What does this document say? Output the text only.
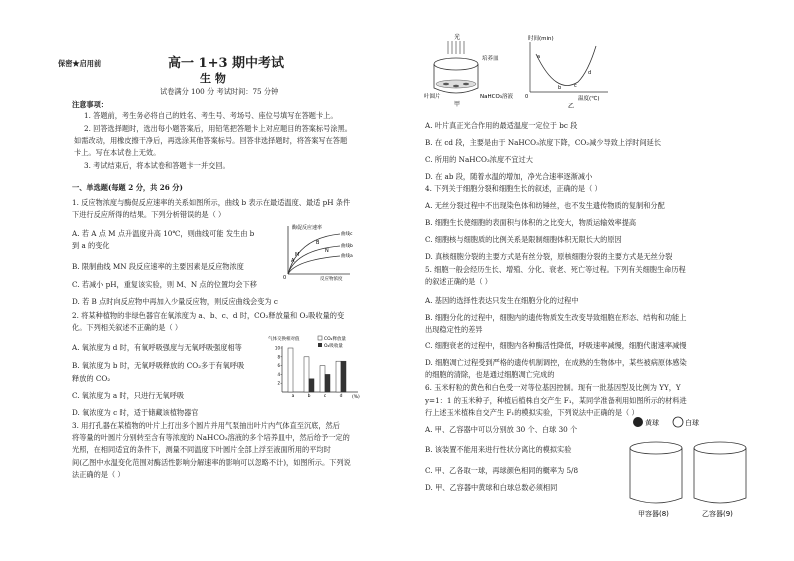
保密★启用前	高一 1+3 期中考试
生 物
试卷满分 100 分 考试时间：75 分钟
注意事项：
1. 答题前，考生务必将自己的姓名、考生号、考场号、座位号填写在答题卡上。
2. 回答选择题时，选出每小题答案后，用铅笔把答题卡上对应题目的答案标号涂黑。
如需改动，用橡皮擦干净后，再选涂其他答案标号。回答非选择题时，将答案写在答题
卡上。写在本试卷上无效。
3. 考试结束后，将本试卷和答题卡一并交回。
一、单选题(每题 2 分，共 26 分)
1. 反应物浓度与酶促反应速率的关系如图所示，曲线 b 表示在最适温度、最适 pH 条件
下进行反应所得的结果。下列分析错误的是（ ）
A. 若 A 点 M 点升温度升高 10℃，则曲线可能 发生由 b
到 a 的变化
B. 限制曲线 MN 段反应速率的主要因素是反应物浓度
C. 若减小 pH，重复该实验，则 M、N 点的位置均会下移
D. 若 B 点时向反应物中再加入少量反应物，则反应曲线会变为 c
2. 将某种植物的非绿色器官在氧浓度为 a、b、c、d 时，CO₂释放量和 O₂吸收量的变
化。下列相关叙述不正确的是（ ）
A. 氧浓度为 d 时，有氧呼吸强度与无氧呼吸强度相等
B. 氧浓度为 b 时，无氧呼吸释放的 CO₂多于有氧呼吸
释放的 CO₂
C. 氧浓度为 a 时，只进行无氧呼吸
D. 氧浓度为 c 时，适于储藏该植物器官
3. 用打孔器在某植物的叶片上打出多个圆片并用气泵抽出叶片内气体直至沉底，然后
将等量的叶圆片分别转至含有等浓度的 NaHCO₃溶液的多个培养皿中，然后给予一定的
光照，在相同适宜的条件下，测量不同温度下叶圆片全部上浮至液面所用的平均时
间(乙图中水温变化范围对酶活性影响分解速率的影响可以忽略不计)，如图所示。下列说
法正确的是（ ）
酶促反应速率
曲线c
曲线b
曲线a
A
B
M
N
0	反应物浓度
气体交换相对值	CO₂释放量
O₂吸收量
10
8
6
4
2
a	b	c	d (%)
光
培养皿
叶圆片	NaHCO₃溶液
甲
时间(min)
a
b	c
d
0	温度(℃)
乙
A. 叶片真正光合作用的最适温度一定位于 bc 段
B. 在 cd 段，主要是由于 NaHCO₃浓度下降，CO₂减少导致上浮时间延长
C. 所用的 NaHCO₃浓度不宜过大
D. 在 ab 段，随着水温的增加，净光合速率逐渐减小
4. 下列关于细胞分裂和细胞生长的叙述，正确的是（ ）
A. 无丝分裂过程中不出现染色体和纺锤丝，也不发生遗传物质的复制和分配
B. 细胞生长使细胞的表面积与体积的之比变大，物质运输效率提高
C. 细胞核与细胞质的比例关系是限制细胞体积无限长大的原因
D. 真核细胞分裂的主要方式是有丝分裂，原核细胞分裂的主要方式是无丝分裂
5. 细胞一般会经历生长、增殖、分化、衰老、死亡等过程。下列有关细胞生命历程
的叙述正确的是（ ）
A. 基因的选择性表达只发生在细胞分化的过程中
B. 细胞分化的过程中，细胞内的遗传物质发生改变导致细胞在形态、结构和功能上
出现稳定性的差异
C. 细胞衰老的过程中，细胞内各种酶活性降低，呼吸速率减慢，细胞代谢速率减慢
D. 细胞凋亡过程受到严格的遗传机制调控，在成熟的生物体中，某些被病原体感染
的细胞的清除，也是通过细胞凋亡完成的
6. 玉米籽粒的黄色和白色受一对等位基因控制。现有一批基因型及比例为 YY，Y
y=1：1 的玉米种子，种植后植株自交产生 F₁，某同学准备利用如图所示的材料进
行上述玉米植株自交产生 F₁的模拟实验，下列说法中正确的是（ ）
A. 甲、乙容器中可以分别放 30 个、白球 30 个
B. 该装置不能用来进行性状分离比的模拟实验
C. 甲、乙各取一球，再球颜色相同的概率为 5/8
D. 甲、乙容器中黄球和白球总数必须相同
黄球	白球
甲容器(8)	乙容器(9)
